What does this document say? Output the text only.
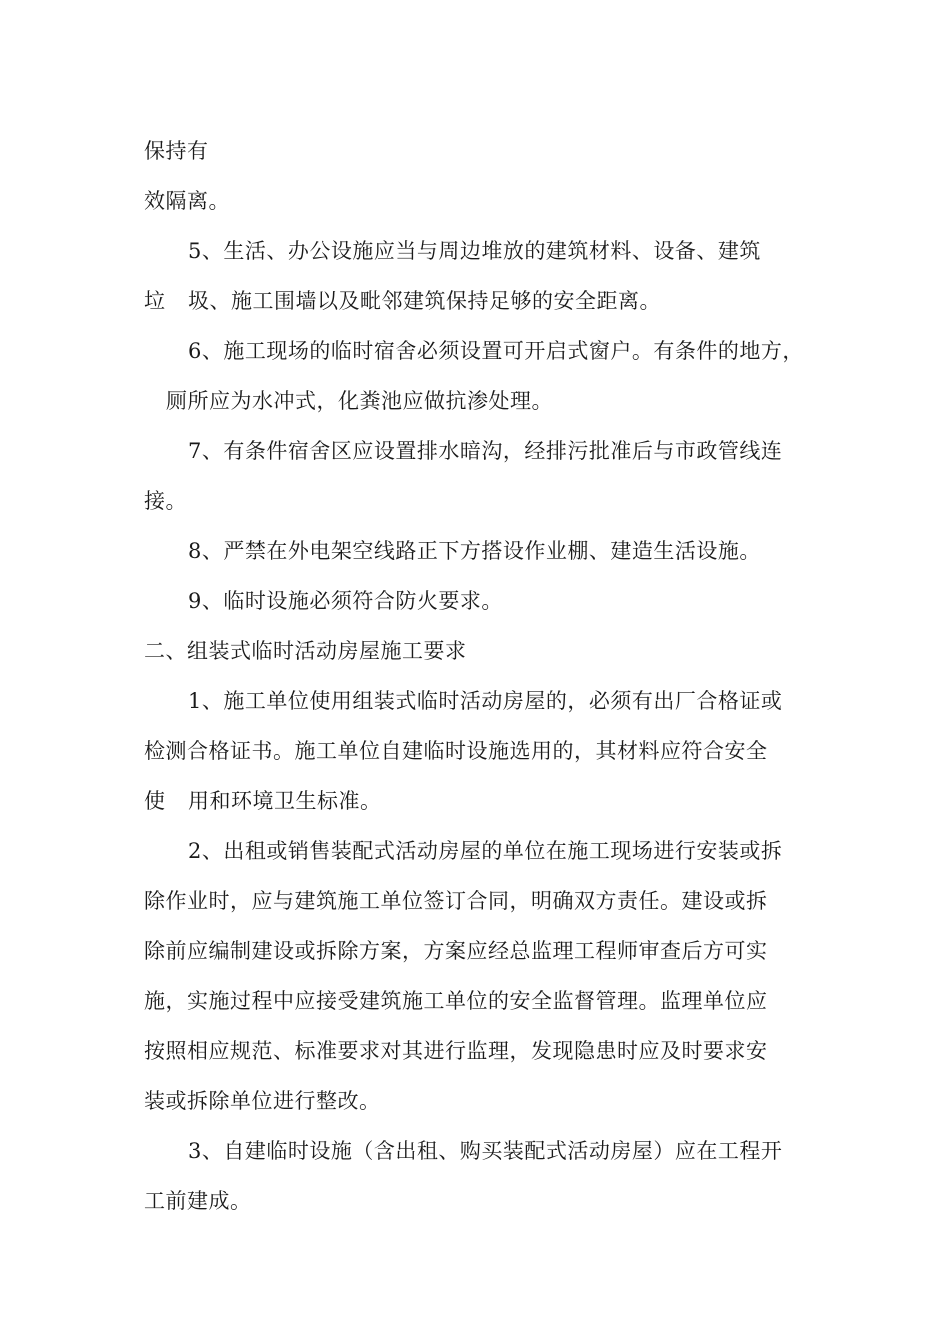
保持有
效隔离。
5、生活、办公设施应当与周边堆放的建筑材料、设备、建筑
垃 圾、施工围墙以及毗邻建筑保持足够的安全距离。
6、施工现场的临时宿舍必须设置可开启式窗户。有条件的地方，
厕所应为水冲式，化粪池应做抗渗处理。
7、有条件宿舍区应设置排水暗沟，经排污批准后与市政管线连
接。
8、严禁在外电架空线路正下方搭设作业棚、建造生活设施。
9、临时设施必须符合防火要求。
二、组装式临时活动房屋施工要求
1、施工单位使用组装式临时活动房屋的，必须有出厂合格证或
检测合格证书。施工单位自建临时设施选用的，其材料应符合安全
使 用和环境卫生标准。
2、出租或销售装配式活动房屋的单位在施工现场进行安装或拆
除作业时，应与建筑施工单位签订合同，明确双方责任。建设或拆
除前应编制建设或拆除方案，方案应经总监理工程师审查后方可实
施，实施过程中应接受建筑施工单位的安全监督管理。监理单位应
按照相应规范、标准要求对其进行监理，发现隐患时应及时要求安
装或拆除单位进行整改。
3、自建临时设施（含出租、购买装配式活动房屋）应在工程开
工前建成。
